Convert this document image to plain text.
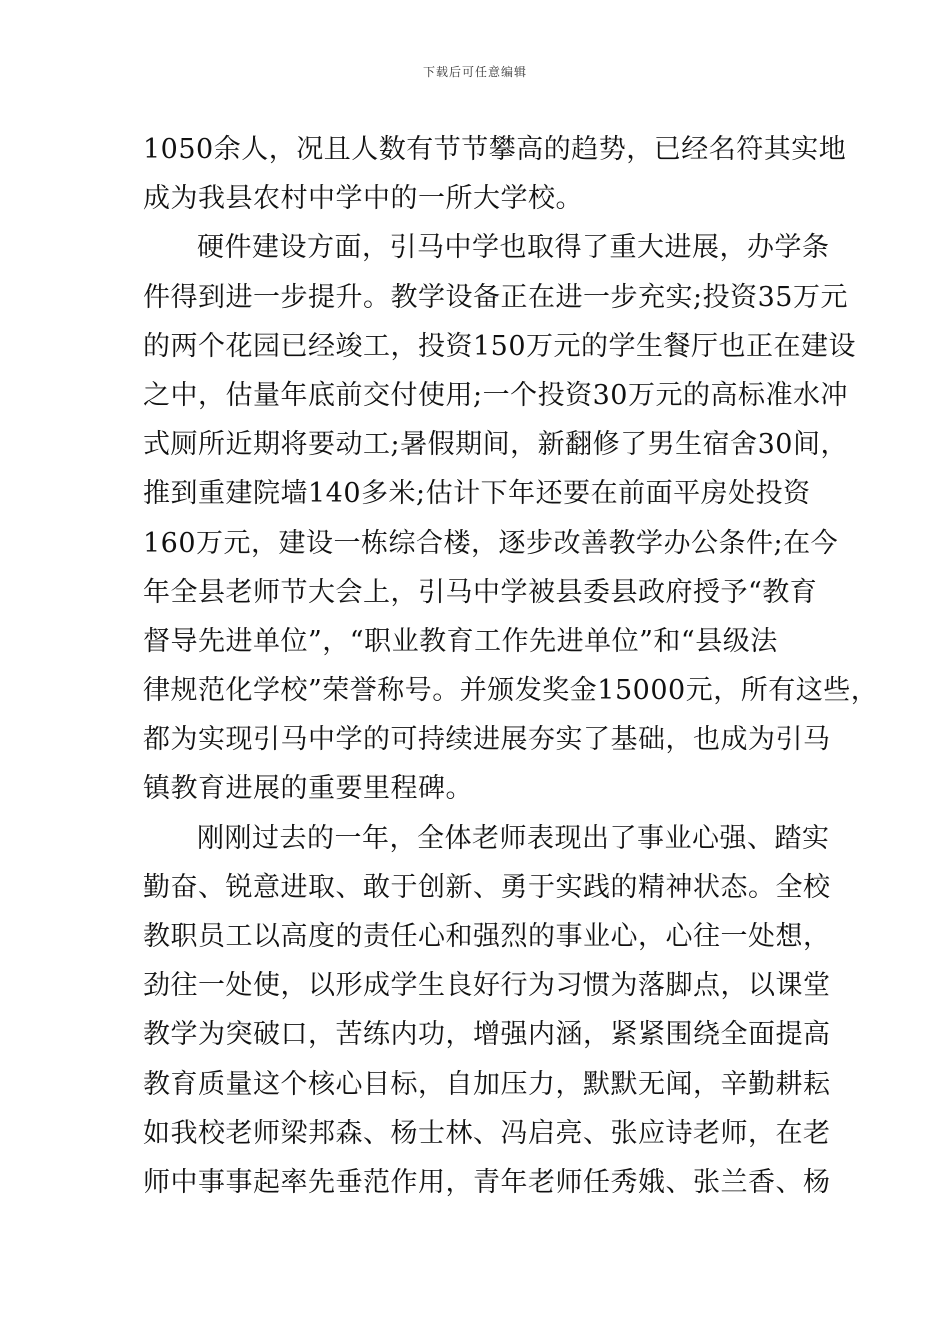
下载后可任意编辑
1050余人，况且人数有节节攀高的趋势，已经名符其实地
成为我县农村中学中的一所大学校。
硬件建设方面，引马中学也取得了重大进展，办学条
件得到进一步提升。教学设备正在进一步充实;投资35万元
的两个花园已经竣工，投资150万元的学生餐厅也正在建设
之中，估量年底前交付使用;一个投资30万元的高标准水冲
式厕所近期将要动工;暑假期间，新翻修了男生宿舍30间，
推到重建院墙140多米;估计下年还要在前面平房处投资
160万元，建设一栋综合楼，逐步改善教学办公条件;在今
年全县老师节大会上，引马中学被县委县政府授予“教育
督导先进单位”，“职业教育工作先进单位”和“县级法
律规范化学校”荣誉称号。并颁发奖金15000元，所有这些，
都为实现引马中学的可持续进展夯实了基础，也成为引马
镇教育进展的重要里程碑。
刚刚过去的一年，全体老师表现出了事业心强、踏实
勤奋、锐意进取、敢于创新、勇于实践的精神状态。全校
教职员工以高度的责任心和强烈的事业心，心往一处想，
劲往一处使，以形成学生良好行为习惯为落脚点，以课堂
教学为突破口，苦练内功，增强内涵，紧紧围绕全面提高
教育质量这个核心目标，自加压力，默默无闻，辛勤耕耘
如我校老师梁邦森、杨士林、冯启亮、张应诗老师，在老
师中事事起率先垂范作用，青年老师任秀娥、张兰香、杨
